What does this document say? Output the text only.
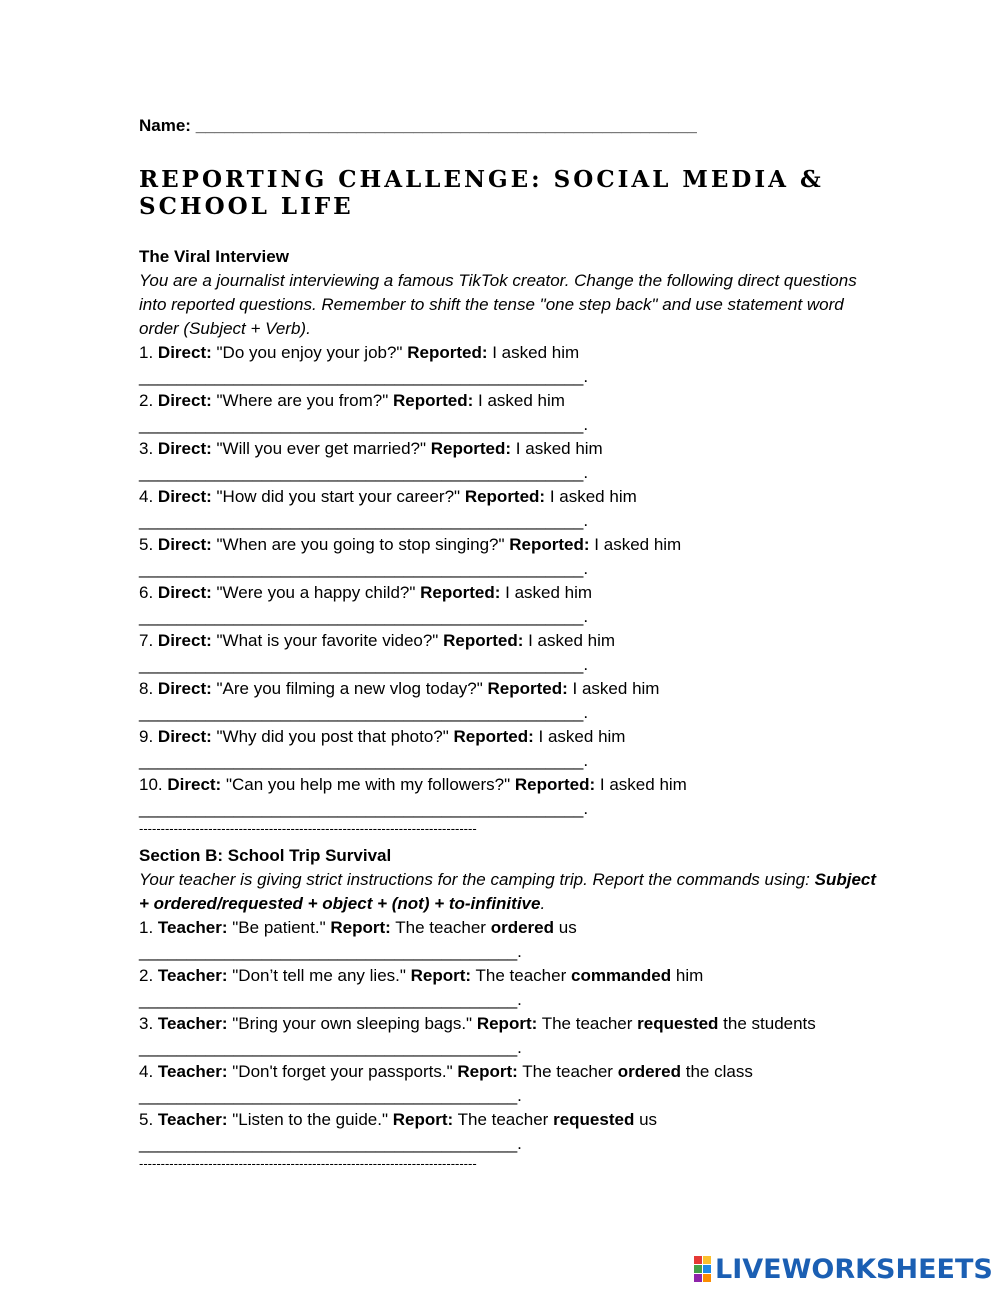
Name: _____________________________________________________
REPORTING CHALLENGE: SOCIAL MEDIA & SCHOOL LIFE
The Viral Interview
You are a journalist interviewing a famous TikTok creator. Change the following direct questions into reported questions. Remember to shift the tense "one step back" and use statement word order (Subject + Verb).
1. Direct: "Do you enjoy your job?" Reported: I asked him
_______________________________________________.
2. Direct: "Where are you from?" Reported: I asked him
_______________________________________________.
3. Direct: "Will you ever get married?" Reported: I asked him
_______________________________________________.
4. Direct: "How did you start your career?" Reported: I asked him
_______________________________________________.
5. Direct: "When are you going to stop singing?" Reported: I asked him
_______________________________________________.
6. Direct: "Were you a happy child?" Reported: I asked him
_______________________________________________.
7. Direct: "What is your favorite video?" Reported: I asked him
_______________________________________________.
8. Direct: "Are you filming a new vlog today?" Reported: I asked him
_______________________________________________.
9. Direct: "Why did you post that photo?" Reported: I asked him
_______________________________________________.
10. Direct: "Can you help me with my followers?" Reported: I asked him
_______________________________________________.
------------------------------------------------------------------------------
Section B: School Trip Survival
Your teacher is giving strict instructions for the camping trip. Report the commands using: Subject + ordered/requested + object + (not) + to-infinitive.
1. Teacher: "Be patient." Report: The teacher ordered us
________________________________________.
2. Teacher: "Don’t tell me any lies." Report: The teacher commanded him
________________________________________.
3. Teacher: "Bring your own sleeping bags." Report: The teacher requested the students
________________________________________.
4. Teacher: "Don't forget your passports." Report: The teacher ordered the class
________________________________________.
5. Teacher: "Listen to the guide." Report: The teacher requested us
________________________________________.
------------------------------------------------------------------------------
LIVEWORKSHEETS
